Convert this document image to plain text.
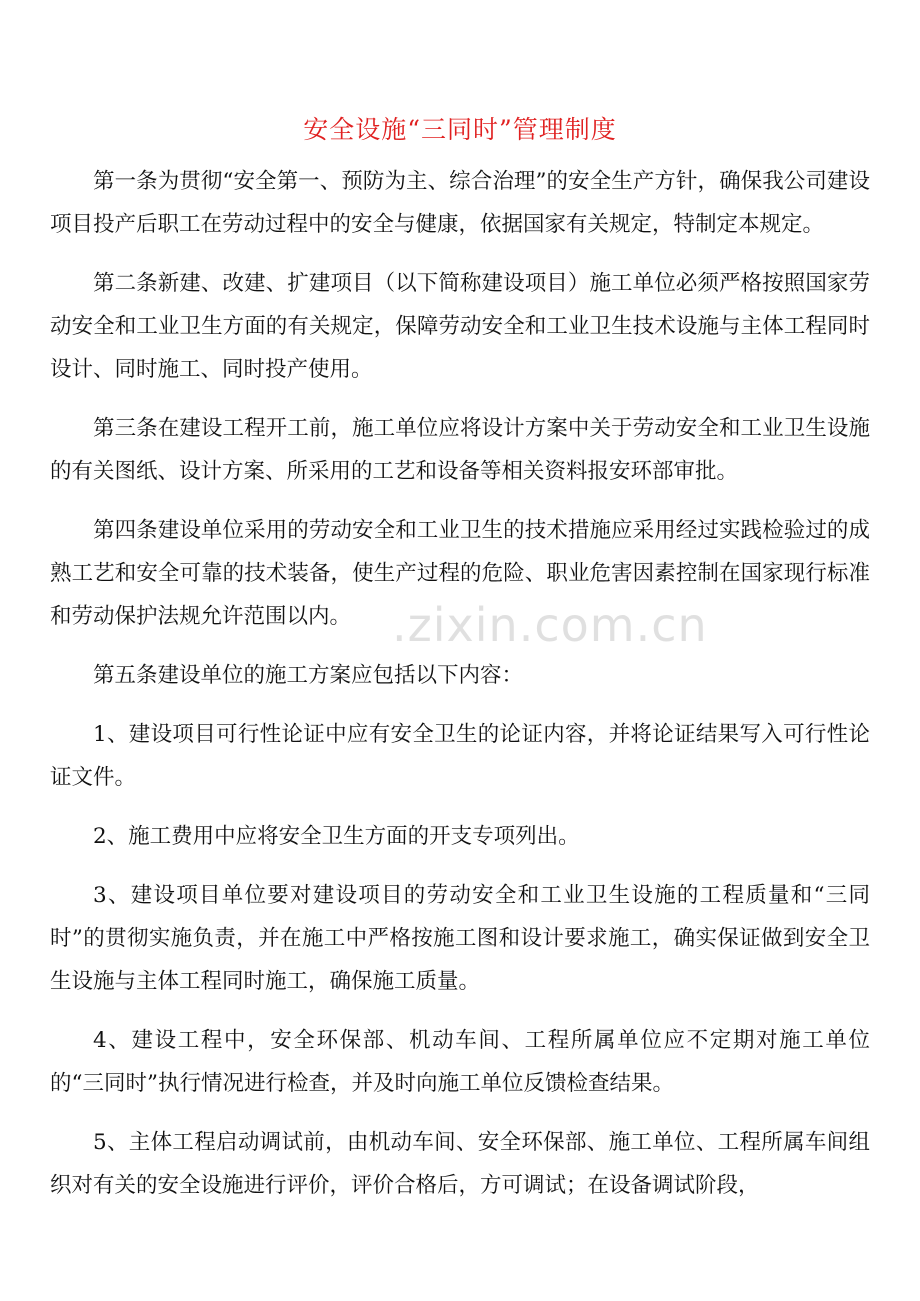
安全设施“三同时”管理制度

第一条为贯彻“安全第一、预防为主、综合治理”的安全生产方针，确保我公司建设项目投产后职工在劳动过程中的安全与健康，依据国家有关规定，特制定本规定。

第二条新建、改建、扩建项目（以下简称建设项目）施工单位必须严格按照国家劳动安全和工业卫生方面的有关规定，保障劳动安全和工业卫生技术设施与主体工程同时设计、同时施工、同时投产使用。

第三条在建设工程开工前，施工单位应将设计方案中关于劳动安全和工业卫生设施的有关图纸、设计方案、所采用的工艺和设备等相关资料报安环部审批。

第四条建设单位采用的劳动安全和工业卫生的技术措施应采用经过实践检验过的成熟工艺和安全可靠的技术装备，使生产过程的危险、职业危害因素控制在国家现行标准和劳动保护法规允许范围以内。

第五条建设单位的施工方案应包括以下内容：

1、建设项目可行性论证中应有安全卫生的论证内容，并将论证结果写入可行性论证文件。

2、施工费用中应将安全卫生方面的开支专项列出。

3、建设项目单位要对建设项目的劳动安全和工业卫生设施的工程质量和“三同时”的贯彻实施负责，并在施工中严格按施工图和设计要求施工，确实保证做到安全卫生设施与主体工程同时施工，确保施工质量。

4、建设工程中，安全环保部、机动车间、工程所属单位应不定期对施工单位的“三同时”执行情况进行检查，并及时向施工单位反馈检查结果。

5、主体工程启动调试前，由机动车间、安全环保部、施工单位、工程所属车间组织对有关的安全设施进行评价，评价合格后，方可调试；在设备调试阶段，

.zixin.com.cn
